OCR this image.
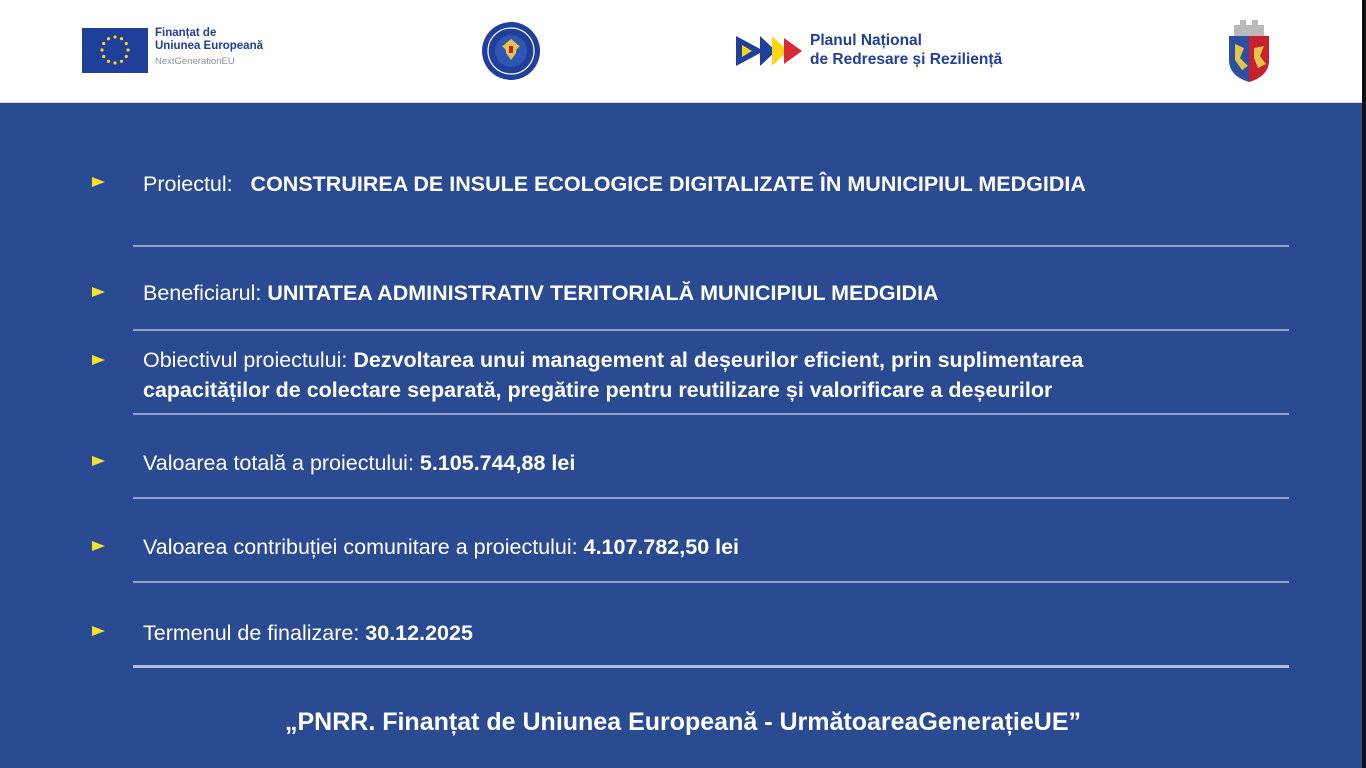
Finanțat de
Uniunea Europeană
NextGenerationEU
Planul Național
de Redresare și Reziliență
Proiectul: CONSTRUIREA DE INSULE ECOLOGICE DIGITALIZATE ÎN MUNICIPIUL MEDGIDIA
Beneficiarul: UNITATEA ADMINISTRATIV TERITORIALĂ MUNICIPIUL MEDGIDIA
Obiectivul proiectului: Dezvoltarea unui management al deșeurilor eficient, prin suplimentarea
capacităților de colectare separată, pregătire pentru reutilizare și valorificare a deșeurilor
Valoarea totală a proiectului: 5.105.744,88 lei
Valoarea contribuției comunitare a proiectului: 4.107.782,50 lei
Termenul de finalizare: 30.12.2025
„PNRR. Finanțat de Uniunea Europeană - UrmătoareaGenerațieUE”
